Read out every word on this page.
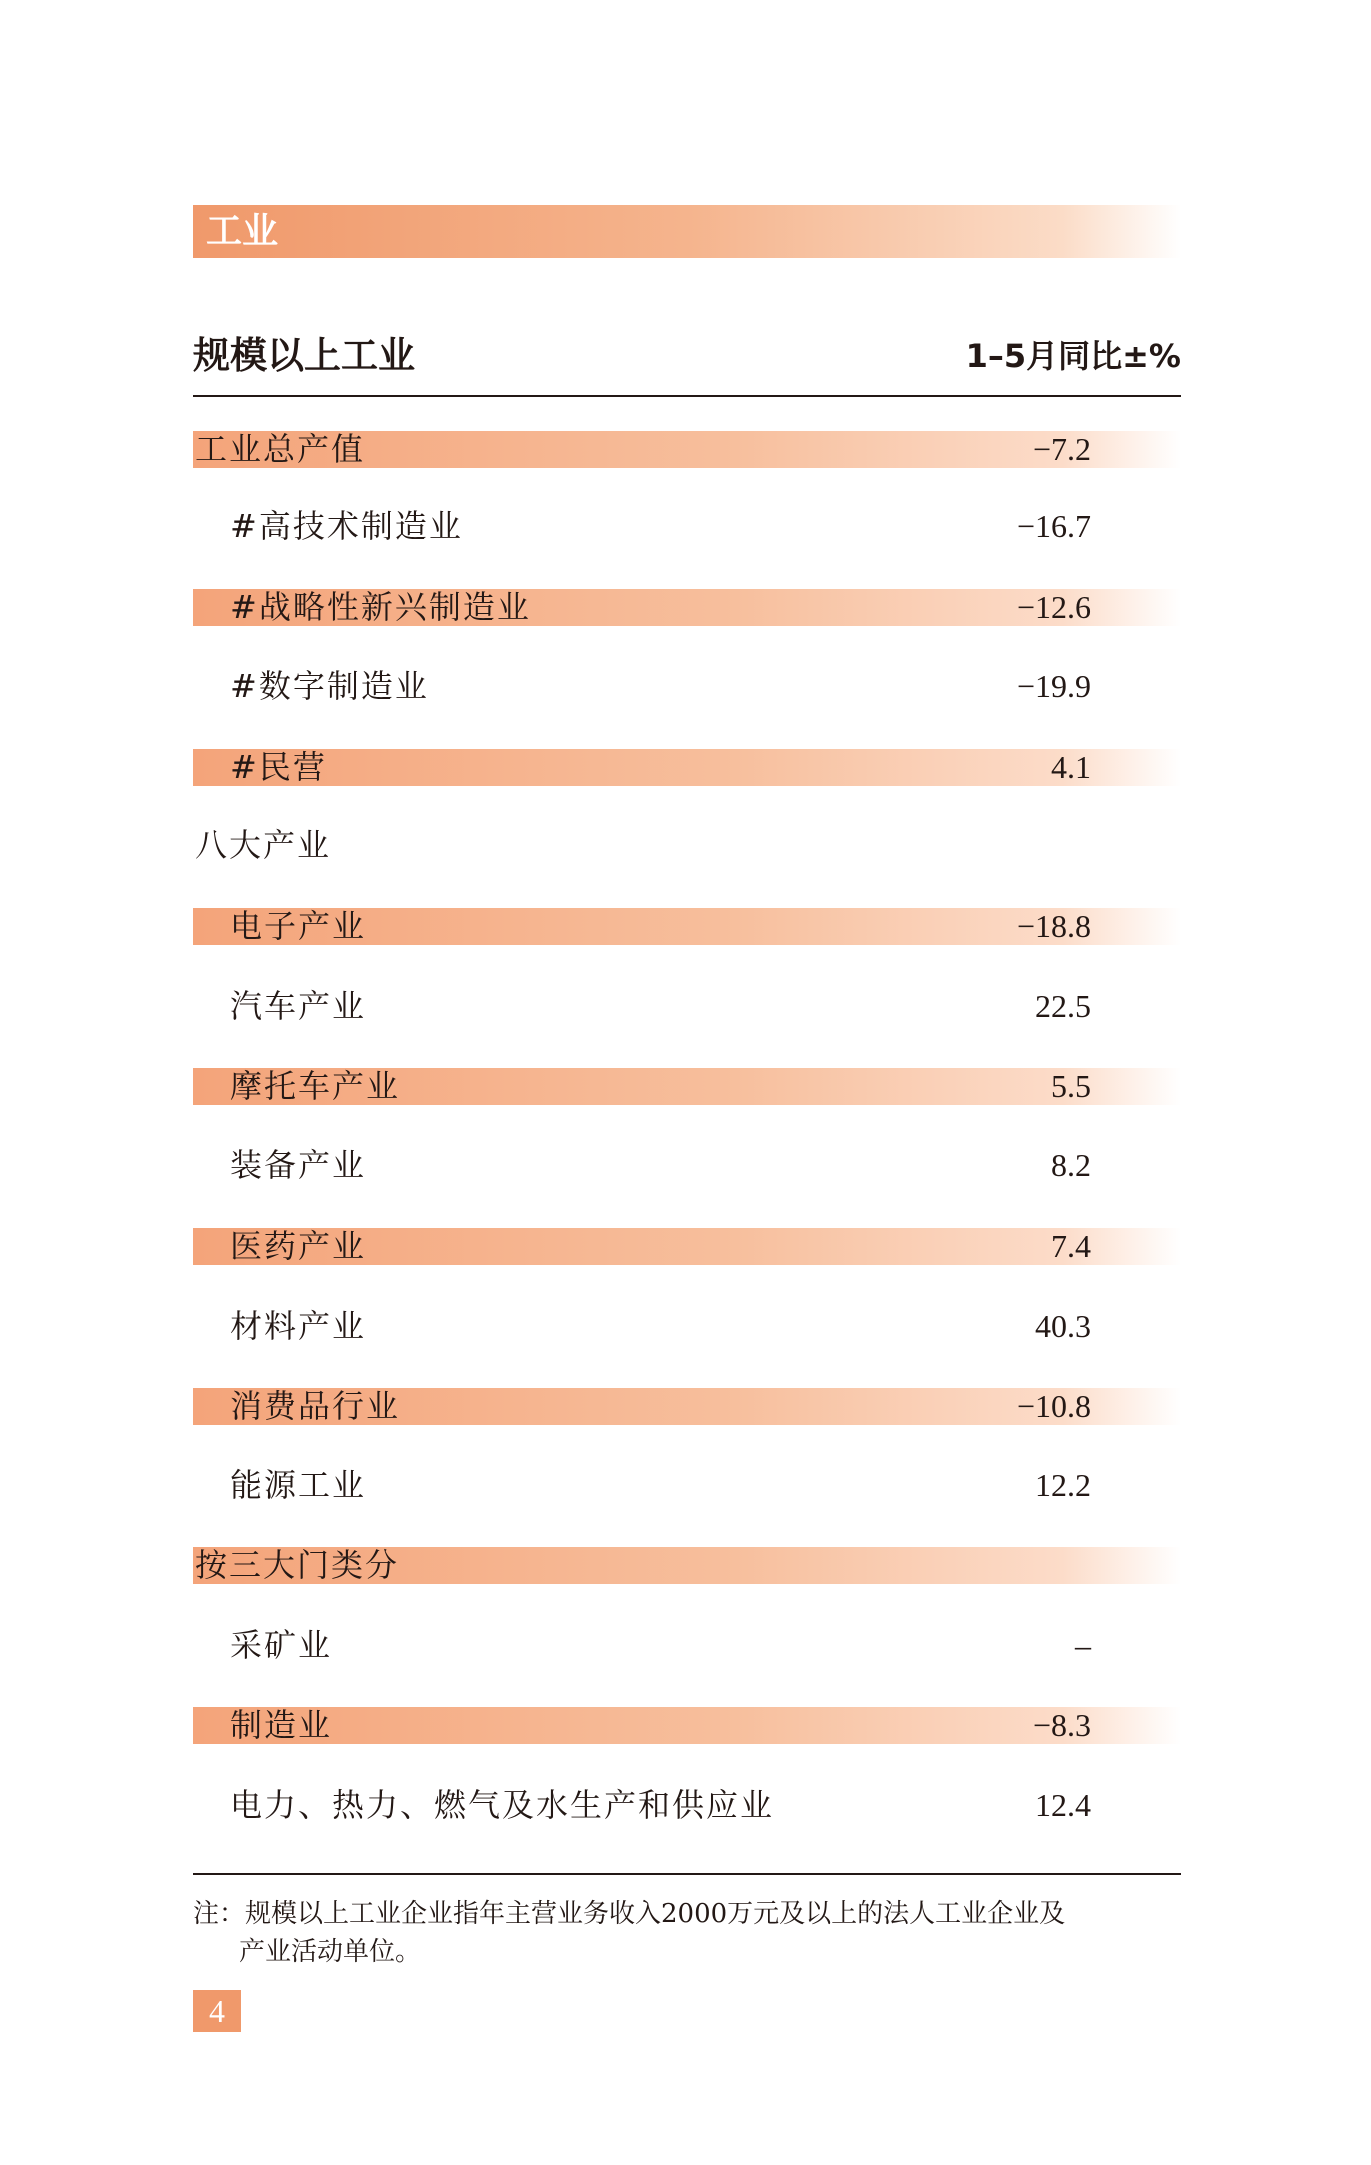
工业
规模以上工业	1–5月同比±%
工业总产值	−7.2
#高技术制造业	−16.7
#战略性新兴制造业	−12.6
#数字制造业	−19.9
#民营	4.1
八大产业
电子产业	−18.8
汽车产业	22.5
摩托车产业	5.5
装备产业	8.2
医药产业	7.4
材料产业	40.3
消费品行业	−10.8
能源工业	12.2
按三大门类分
采矿业	–
制造业	−8.3
电力、热力、燃气及水生产和供应业	12.4
注：规模以上工业企业指年主营业务收入2000万元及以上的法人工业企业及
产业活动单位。
4
